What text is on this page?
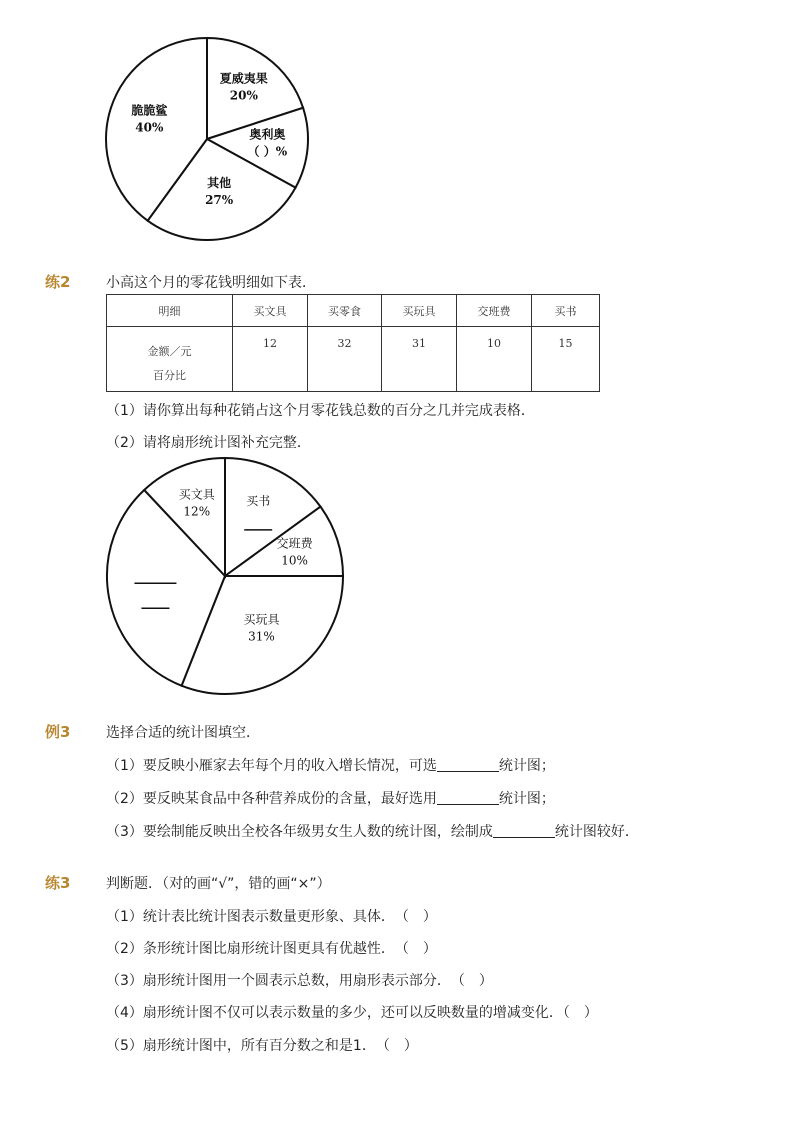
夏威夷果
20%
奥利奥
（ ）%
其他
27%
脆脆鲨
40%
练2	小高这个月的零花钱明细如下表．
明细	买文具	买零食	买玩具	交班费	买书
金额／元	12	32	31	10	15
百分比					
（1）请你算出每种花销占这个月零花钱总数的百分之几并完成表格．
（2）请将扇形统计图补充完整．
买书
交班费
10%
买玩具
31%
买文具
12%
例3	选择合适的统计图填空．
（1）要反映小雁家去年每个月的收入增长情况，可选	统计图；
（2）要反映某食品中各种营养成份的含量，最好选用	统计图；
（3）要绘制能反映出全校各年级男女生人数的统计图，绘制成	统计图较好．
练3	判断题．（对的画“√”，错的画“×”）
（1）统计表比统计图表示数量更形象、具体．　（　）
（2）条形统计图比扇形统计图更具有优越性．　（　）
（3）扇形统计图用一个圆表示总数，用扇形表示部分．　（　）
（4）扇形统计图不仅可以表示数量的多少，还可以反映数量的增减变化．（　）
（5）扇形统计图中，所有百分数之和是1．　（　）
